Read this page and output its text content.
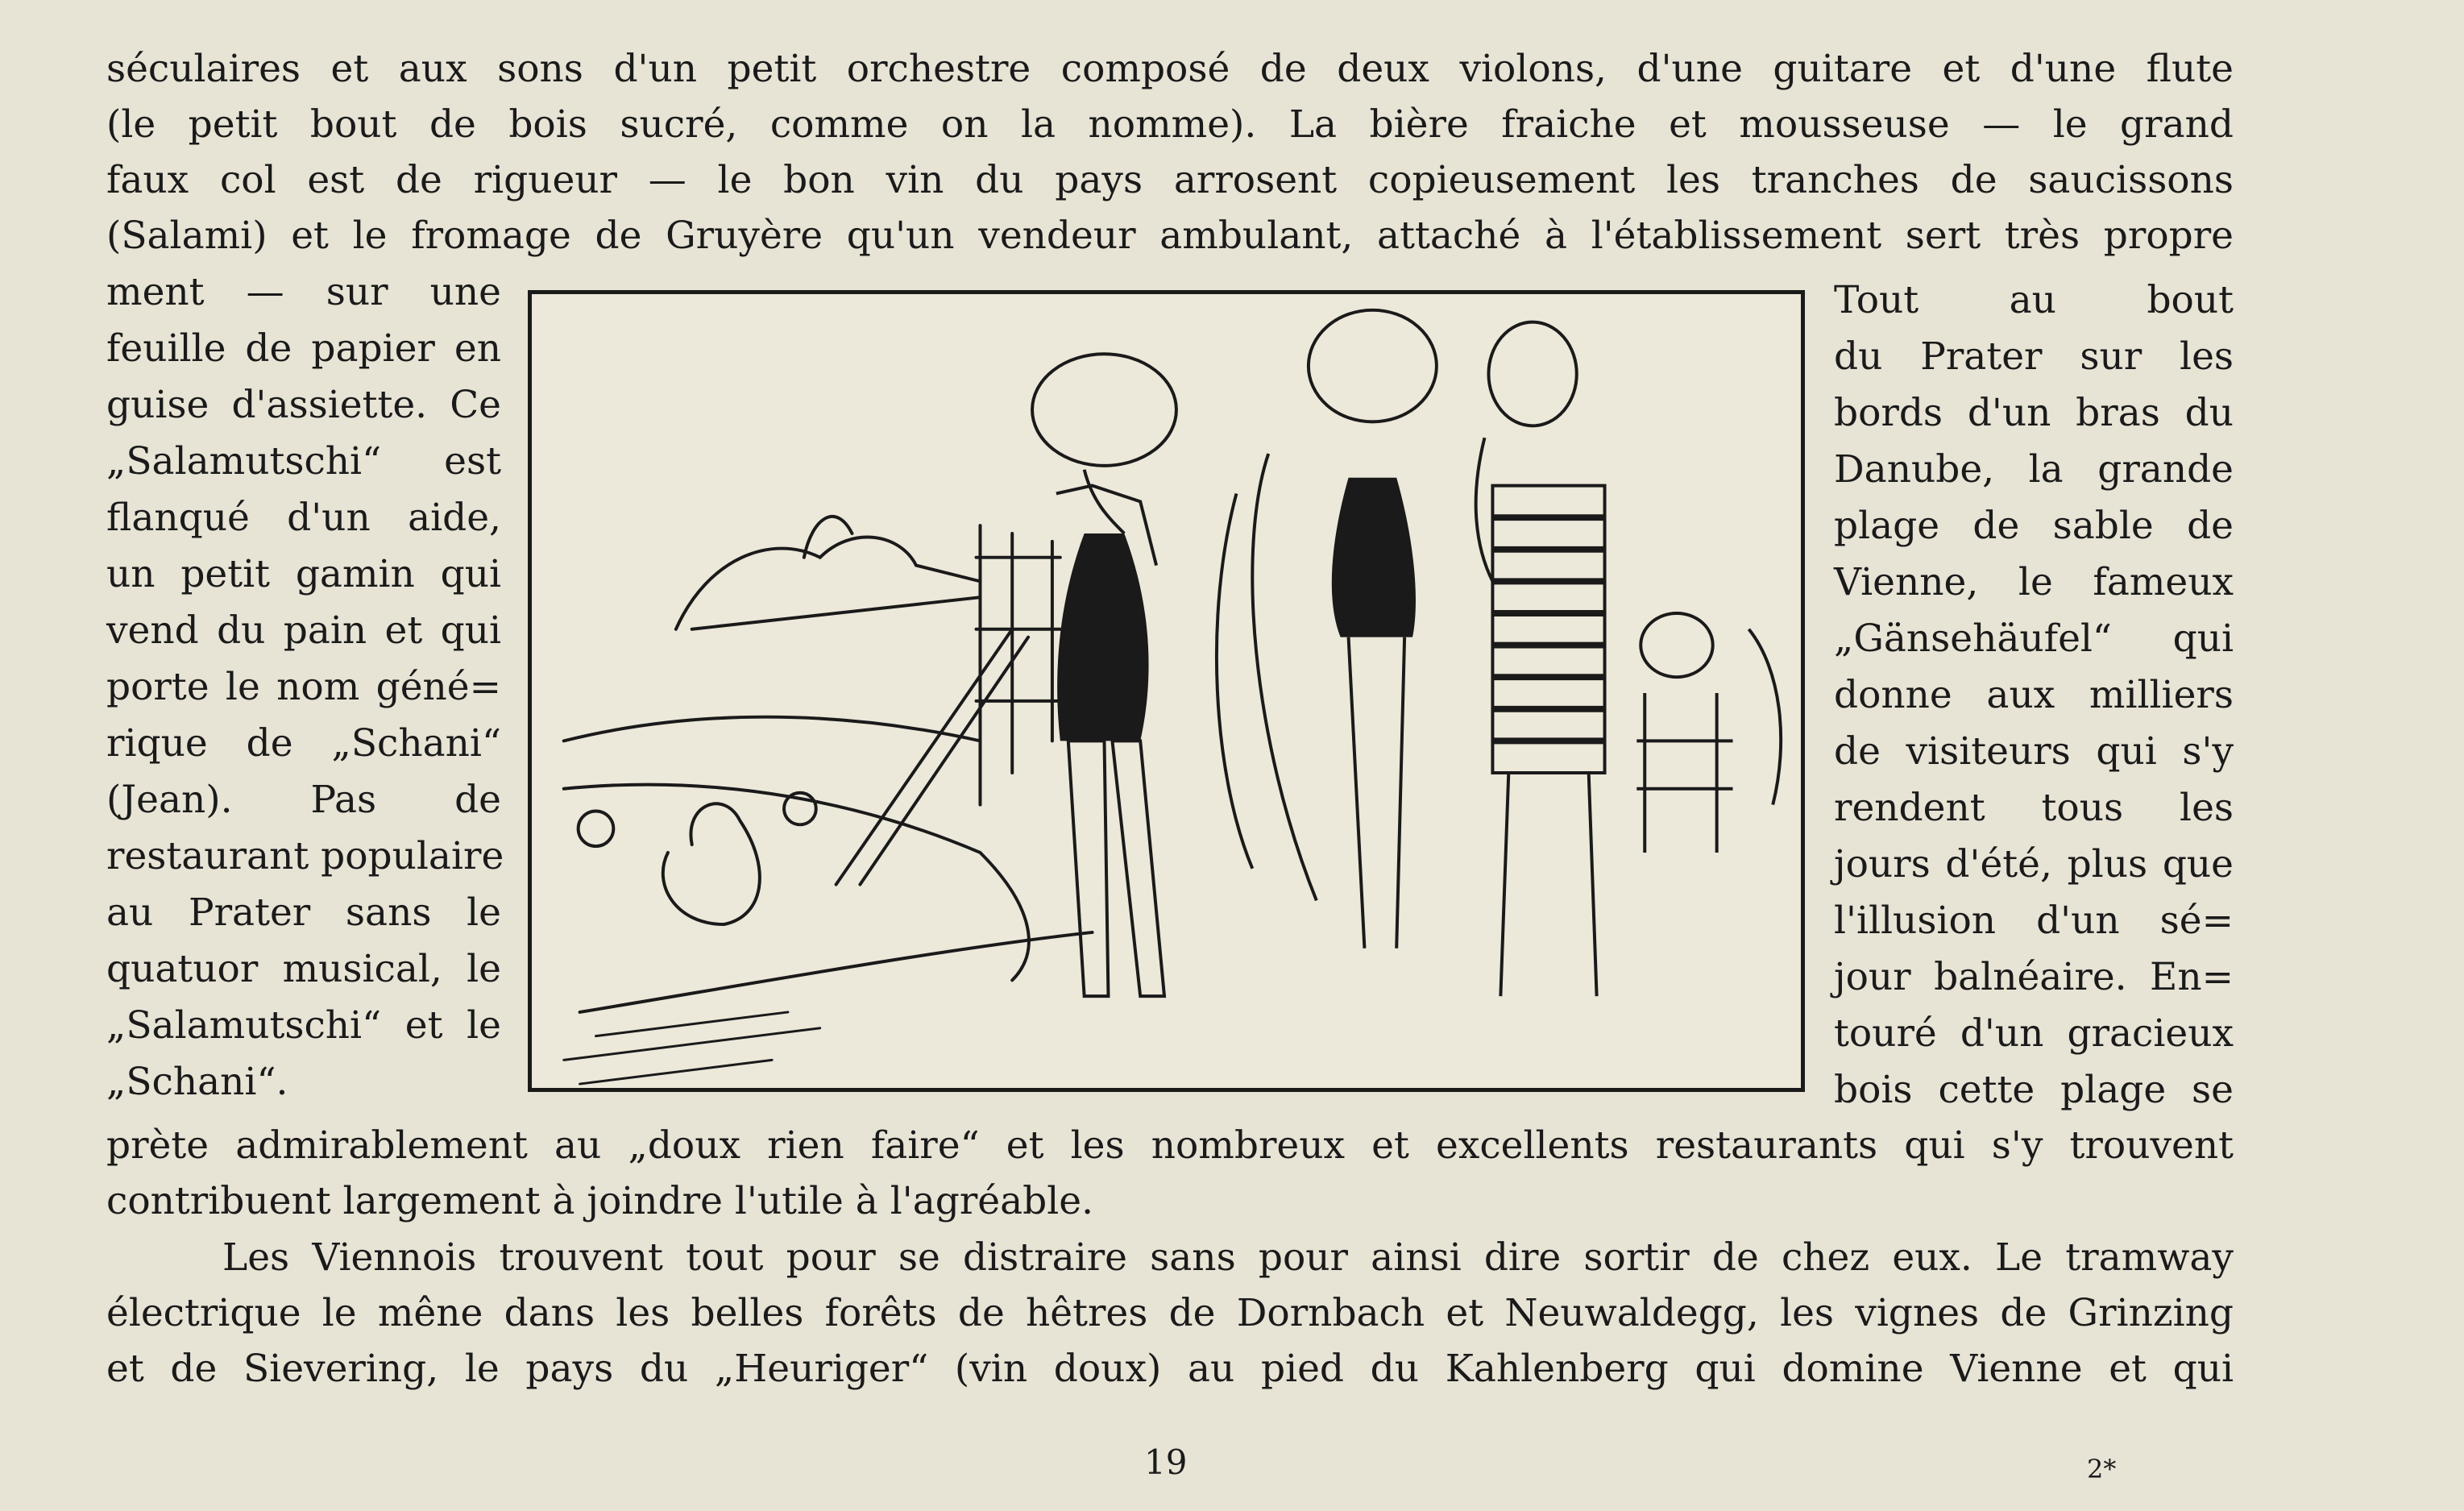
séculaires et aux sons d'un petit orchestre composé de deux violons, d'une guitare et d'une flute
(le petit bout de bois sucré, comme on la nomme). La bière fraiche et mousseuse — le grand
faux col est de rigueur — le bon vin du pays arrosent copieusement les tranches de saucissons
(Salami) et le fromage de Gruyère qu'un vendeur ambulant, attaché à l'établissement sert très propre
ment — sur une
feuille de papier en
guise d'assiette. Ce
„Salamutschi“ est
flanqué d'un aide,
un petit gamin qui
vend du pain et qui
porte le nom géné=
rique de „Schani“
(Jean). Pas de
restaurant populaire
au Prater sans le
quatuor musical, le
„Salamutschi“ et le
„Schani“.
Tout au bout
du Prater sur les
bords d'un bras du
Danube, la grande
plage de sable de
Vienne, le fameux
„Gänsehäufel“ qui
donne aux milliers
de visiteurs qui s'y
rendent tous les
jours d'été, plus que
l'illusion d'un sé=
jour balnéaire. En=
touré d'un gracieux
bois cette plage se
prète admirablement au „doux rien faire“ et les nombreux et excellents restaurants qui s'y trouvent
contribuent largement à joindre l'utile à l'agréable.
Les Viennois trouvent tout pour se distraire sans pour ainsi dire sortir de chez eux. Le tramway
électrique le mêne dans les belles forêts de hêtres de Dornbach et Neuwaldegg, les vignes de Grinzing
et de Sievering, le pays du „Heuriger“ (vin doux) au pied du Kahlenberg qui domine Vienne et qui
19	2*
